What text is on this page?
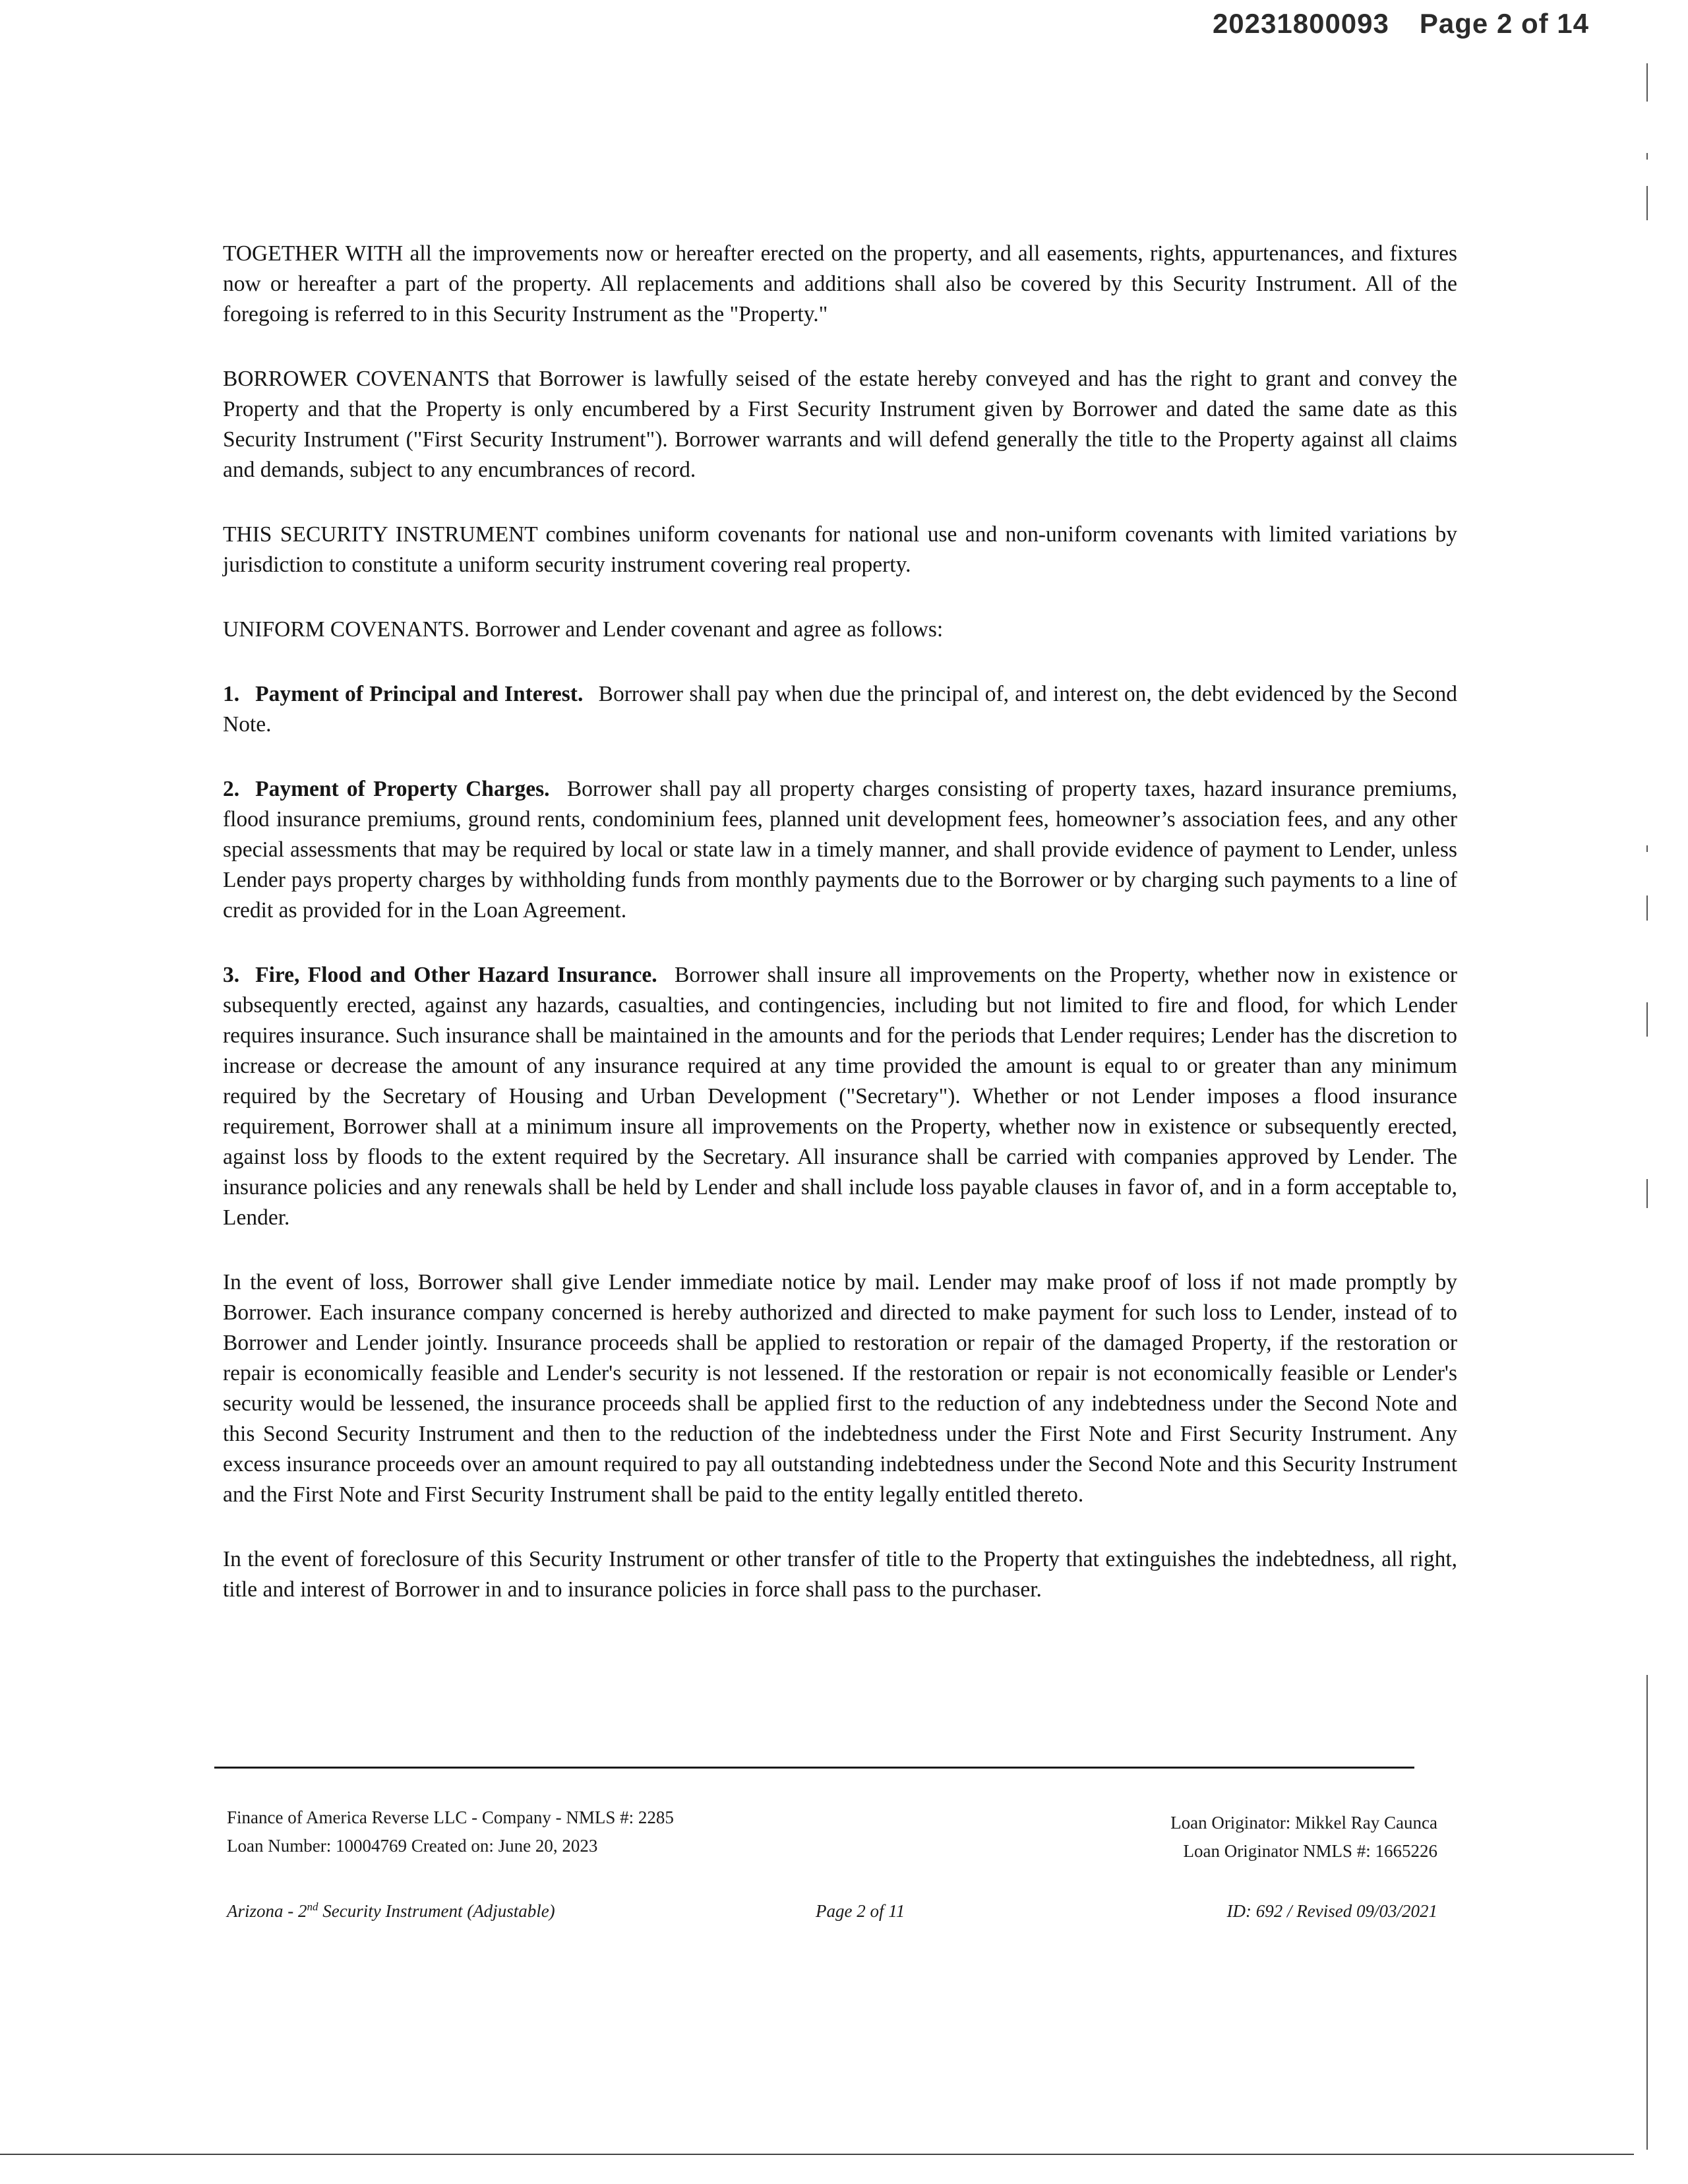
20231800093 Page 2 of 14

TOGETHER WITH all the improvements now or hereafter erected on the property, and all easements, rights, appurtenances, and fixtures now or hereafter a part of the property. All replacements and additions shall also be covered by this Security Instrument. All of the foregoing is referred to in this Security Instrument as the "Property."

BORROWER COVENANTS that Borrower is lawfully seised of the estate hereby conveyed and has the right to grant and convey the Property and that the Property is only encumbered by a First Security Instrument given by Borrower and dated the same date as this Security Instrument ("First Security Instrument"). Borrower warrants and will defend generally the title to the Property against all claims and demands, subject to any encumbrances of record.

THIS SECURITY INSTRUMENT combines uniform covenants for national use and non-uniform covenants with limited variations by jurisdiction to constitute a uniform security instrument covering real property.

UNIFORM COVENANTS. Borrower and Lender covenant and agree as follows:

1. Payment of Principal and Interest. Borrower shall pay when due the principal of, and interest on, the debt evidenced by the Second Note.

2. Payment of Property Charges. Borrower shall pay all property charges consisting of property taxes, hazard insurance premiums, flood insurance premiums, ground rents, condominium fees, planned unit development fees, homeowner’s association fees, and any other special assessments that may be required by local or state law in a timely manner, and shall provide evidence of payment to Lender, unless Lender pays property charges by withholding funds from monthly payments due to the Borrower or by charging such payments to a line of credit as provided for in the Loan Agreement.

3. Fire, Flood and Other Hazard Insurance. Borrower shall insure all improvements on the Property, whether now in existence or subsequently erected, against any hazards, casualties, and contingencies, including but not limited to fire and flood, for which Lender requires insurance. Such insurance shall be maintained in the amounts and for the periods that Lender requires; Lender has the discretion to increase or decrease the amount of any insurance required at any time provided the amount is equal to or greater than any minimum required by the Secretary of Housing and Urban Development ("Secretary"). Whether or not Lender imposes a flood insurance requirement, Borrower shall at a minimum insure all improvements on the Property, whether now in existence or subsequently erected, against loss by floods to the extent required by the Secretary. All insurance shall be carried with companies approved by Lender. The insurance policies and any renewals shall be held by Lender and shall include loss payable clauses in favor of, and in a form acceptable to, Lender.

In the event of loss, Borrower shall give Lender immediate notice by mail. Lender may make proof of loss if not made promptly by Borrower. Each insurance company concerned is hereby authorized and directed to make payment for such loss to Lender, instead of to Borrower and Lender jointly. Insurance proceeds shall be applied to restoration or repair of the damaged Property, if the restoration or repair is economically feasible and Lender's security is not lessened. If the restoration or repair is not economically feasible or Lender's security would be lessened, the insurance proceeds shall be applied first to the reduction of any indebtedness under the Second Note and this Second Security Instrument and then to the reduction of the indebtedness under the First Note and First Security Instrument. Any excess insurance proceeds over an amount required to pay all outstanding indebtedness under the Second Note and this Security Instrument and the First Note and First Security Instrument shall be paid to the entity legally entitled thereto.

In the event of foreclosure of this Security Instrument or other transfer of title to the Property that extinguishes the indebtedness, all right, title and interest of Borrower in and to insurance policies in force shall pass to the purchaser.

Finance of America Reverse LLC - Company - NMLS #: 2285
Loan Number: 10004769 Created on: June 20, 2023
Loan Originator: Mikkel Ray Caunca
Loan Originator NMLS #: 1665226
Arizona - 2nd Security Instrument (Adjustable)	Page 2 of 11	ID: 692 / Revised 09/03/2021
